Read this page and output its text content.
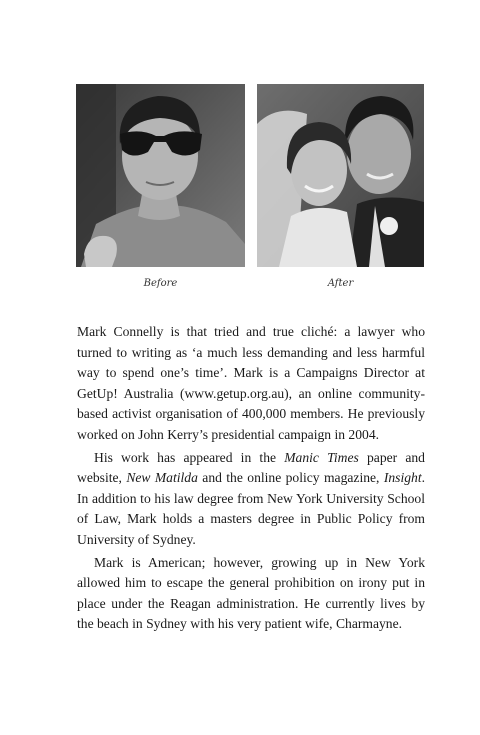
Before	After

Mark Connelly is that tried and true cliché: a lawyer who turned to writing as ‘a much less demanding and less harmful way to spend one’s time’. Mark is a Campaigns Director at GetUp! Australia (www.getup.org.au), an online community-based activist organisation of 400,000 members. He previously worked on John Kerry’s presidential campaign in 2004.

His work has appeared in the Manic Times paper and website, New Matilda and the online policy magazine, Insight. In addition to his law degree from New York University School of Law, Mark holds a masters degree in Public Policy from University of Sydney.

Mark is American; however, growing up in New York allowed him to escape the general prohibition on irony put in place under the Reagan administration. He currently lives by the beach in Sydney with his very patient wife, Charmayne.
